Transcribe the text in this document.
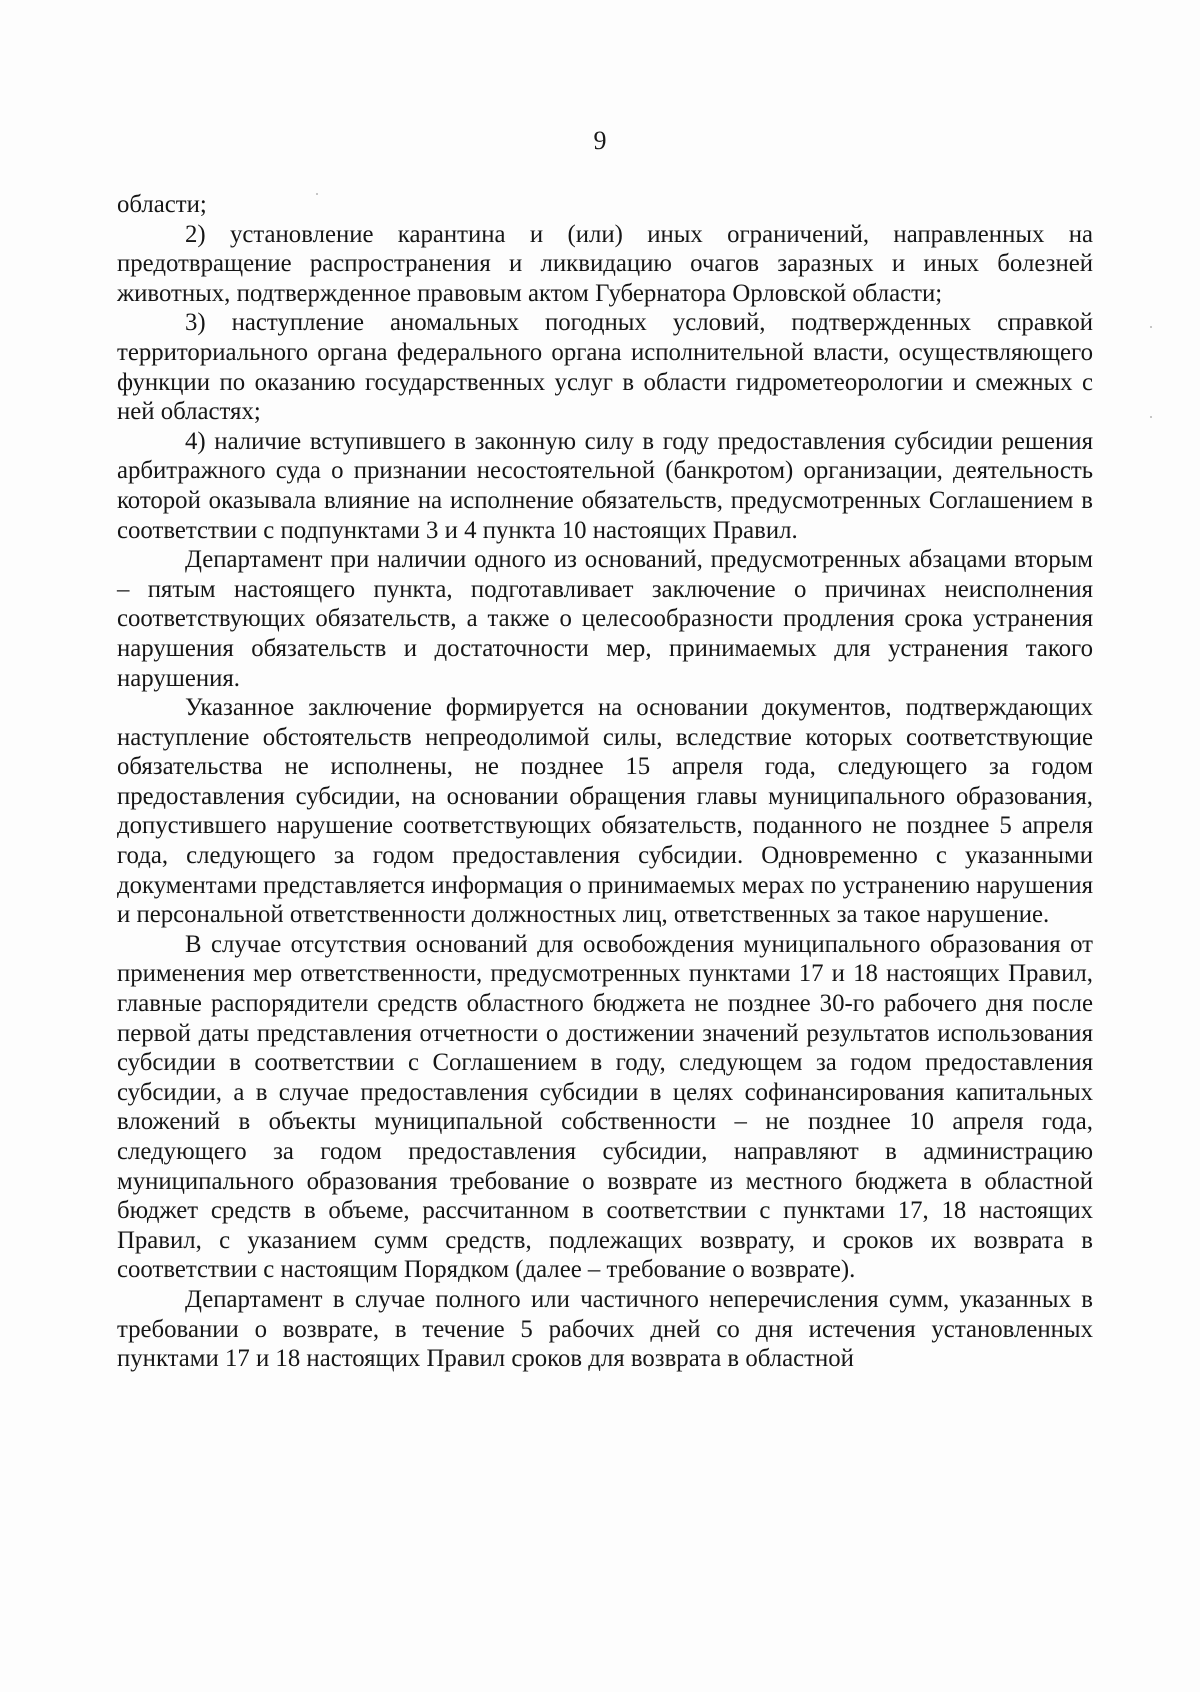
9

области;

2) установление карантина и (или) иных ограничений, направленных на предотвращение распространения и ликвидацию очагов заразных и иных болезней животных, подтвержденное правовым актом Губернатора Орловской области;

3) наступление аномальных погодных условий, подтвержденных справкой территориального органа федерального органа исполнительной власти, осуществляющего функции по оказанию государственных услуг в области гидрометеорологии и смежных с ней областях;

4) наличие вступившего в законную силу в году предоставления субсидии решения арбитражного суда о признании несостоятельной (банкротом) организации, деятельность которой оказывала влияние на исполнение обязательств, предусмотренных Соглашением в соответствии с подпунктами 3 и 4 пункта 10 настоящих Правил.

Департамент при наличии одного из оснований, предусмотренных абзацами вторым – пятым настоящего пункта, подготавливает заключение о причинах неисполнения соответствующих обязательств, а также о целесообразности продления срока устранения нарушения обязательств и достаточности мер, принимаемых для устранения такого нарушения.

Указанное заключение формируется на основании документов, подтверждающих наступление обстоятельств непреодолимой силы, вследствие которых соответствующие обязательства не исполнены, не позднее 15 апреля года, следующего за годом предоставления субсидии, на основании обращения главы муниципального образования, допустившего нарушение соответствующих обязательств, поданного не позднее 5 апреля года, следующего за годом предоставления субсидии. Одновременно с указанными документами представляется информация о принимаемых мерах по устранению нарушения и персональной ответственности должностных лиц, ответственных за такое нарушение.

В случае отсутствия оснований для освобождения муниципального образования от применения мер ответственности, предусмотренных пунктами 17 и 18 настоящих Правил, главные распорядители средств областного бюджета не позднее 30-го рабочего дня после первой даты представления отчетности о достижении значений результатов использования субсидии в соответствии с Соглашением в году, следующем за годом предоставления субсидии, а в случае предоставления субсидии в целях софинансирования капитальных вложений в объекты муниципальной собственности – не позднее 10 апреля года, следующего за годом предоставления субсидии, направляют в администрацию муниципального образования требование о возврате из местного бюджета в областной бюджет средств в объеме, рассчитанном в соответствии с пунктами 17, 18 настоящих Правил, с указанием сумм средств, подлежащих возврату, и сроков их возврата в соответствии с настоящим Порядком (далее – требование о возврате).

Департамент в случае полного или частичного неперечисления сумм, указанных в требовании о возврате, в течение 5 рабочих дней со дня истечения установленных пунктами 17 и 18 настоящих Правил сроков для возврата в областной
